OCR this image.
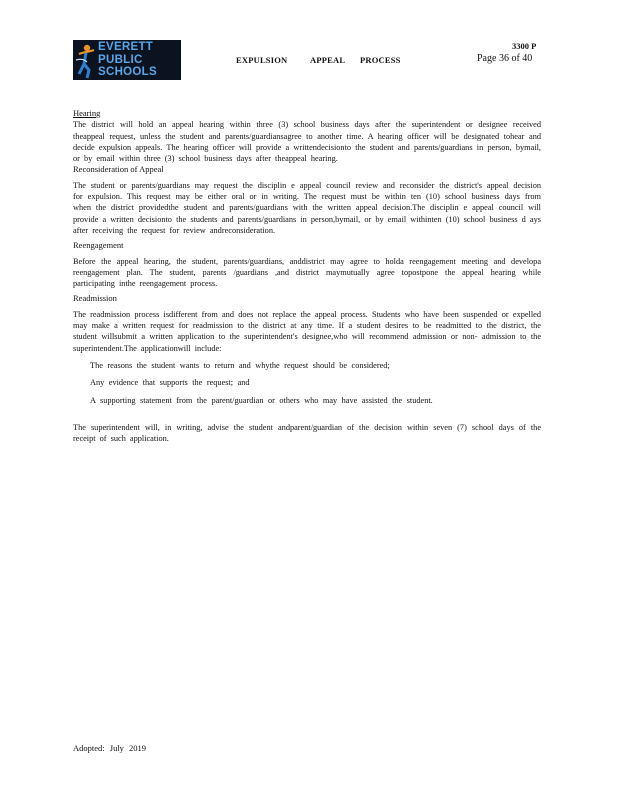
EVERETT
PUBLIC
SCHOOLS
EXPULSION	APPEAL PROCESS
3300 P
Page 36 of 40
Hearing

The district will hold an appeal hearing within three (3) school business days after the superintendent or designee received theappeal request, unless the student and parents/guardiansagree to another time. A hearing officer will be designated tohear and decide expulsion appeals. The hearing officer will provide a writtendecisionto the student and parents/guardians in person, bymail, or by email within three (3) school business days after theappeal hearing.

Reconsideration of Appeal

The student or parents/guardians may request the disciplin e appeal council review and reconsider the district's appeal decision for expulsion. This request may be either oral or in writing. The request must be within ten (10) school business days from when the district providedthe student and parents/guardians with the written appeal decision.The disciplin e appeal council will provide a written decisionto the students and parents/guardians in person,bymail, or by email withinten (10) school business d ays after receiving the request for review andreconsideration.

Reengagement

Before the appeal hearing, the student, parents/guardians, anddistrict may agree to holda reengagement meeting and developa reengagement plan. The student, parents /guardians ,and district maymutually agree topostpone the appeal hearing while participating inthe reengagement process.

Readmission

The readmission process isdifferent from and does not replace the appeal process. Students who have been suspended or expelled may make a written request for readmission to the district at any time. If a student desires to be readmitted to the district, the student willsubmit a written application to the superintendent's designee,who will recommend admission or non- admission to the superintendent.The applicationwill include:

The reasons the student wants to return and whythe request should be considered;
Any evidence that supports the request; and
A supporting statement from the parent/guardian or others who may have assisted the student.

The superintendent will, in writing, advise the student andparent/guardian of the decision within seven (7) school days of the receipt of such application.

Adopted: July 2019
